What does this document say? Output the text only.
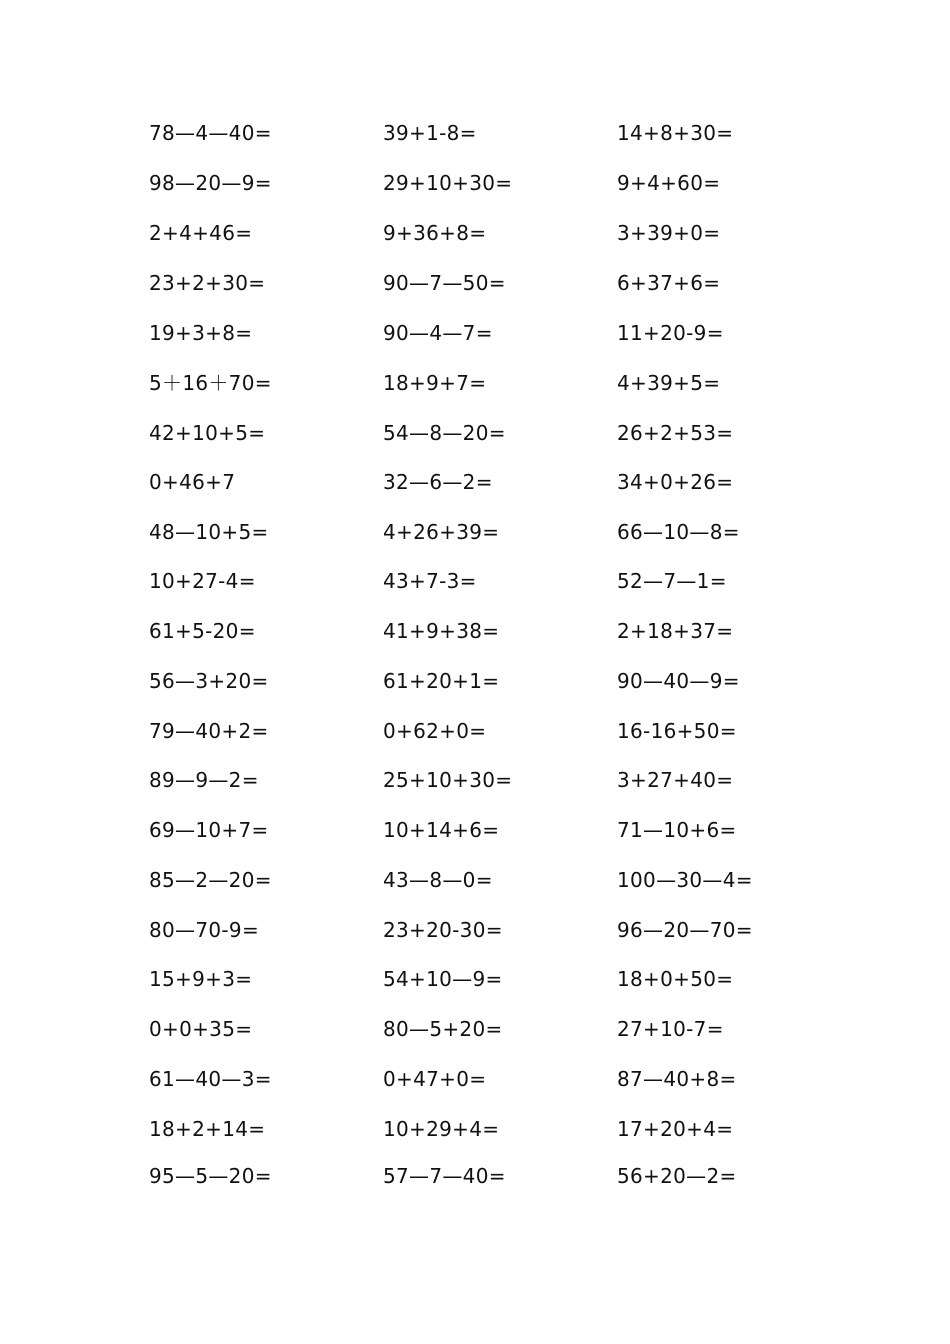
78—4—40=
98—20—9=
2+4+46=
23+2+30=
19+3+8=
5＋16＋70=
42+10+5=
0+46+7
48—10+5=
10+27-4=
61+5-20=
56—3+20=
79—40+2=
89—9—2=
69—10+7=
85—2—20=
80—70-9=
15+9+3=
0+0+35=
61—40—3=
18+2+14=
95—5—20=
39+1-8=
29+10+30=
9+36+8=
90—7—50=
90—4—7=
18+9+7=
54—8—20=
32—6—2=
4+26+39=
43+7-3=
41+9+38=
61+20+1=
0+62+0=
25+10+30=
10+14+6=
43—8—0=
23+20-30=
54+10—9=
80—5+20=
0+47+0=
10+29+4=
57—7—40=
14+8+30=
9+4+60=
3+39+0=
6+37+6=
11+20-9=
4+39+5=
26+2+53=
34+0+26=
66—10—8=
52—7—1=
2+18+37=
90—40—9=
16-16+50=
3+27+40=
71—10+6=
100—30—4=
96—20—70=
18+0+50=
27+10-7=
87—40+8=
17+20+4=
56+20—2=
